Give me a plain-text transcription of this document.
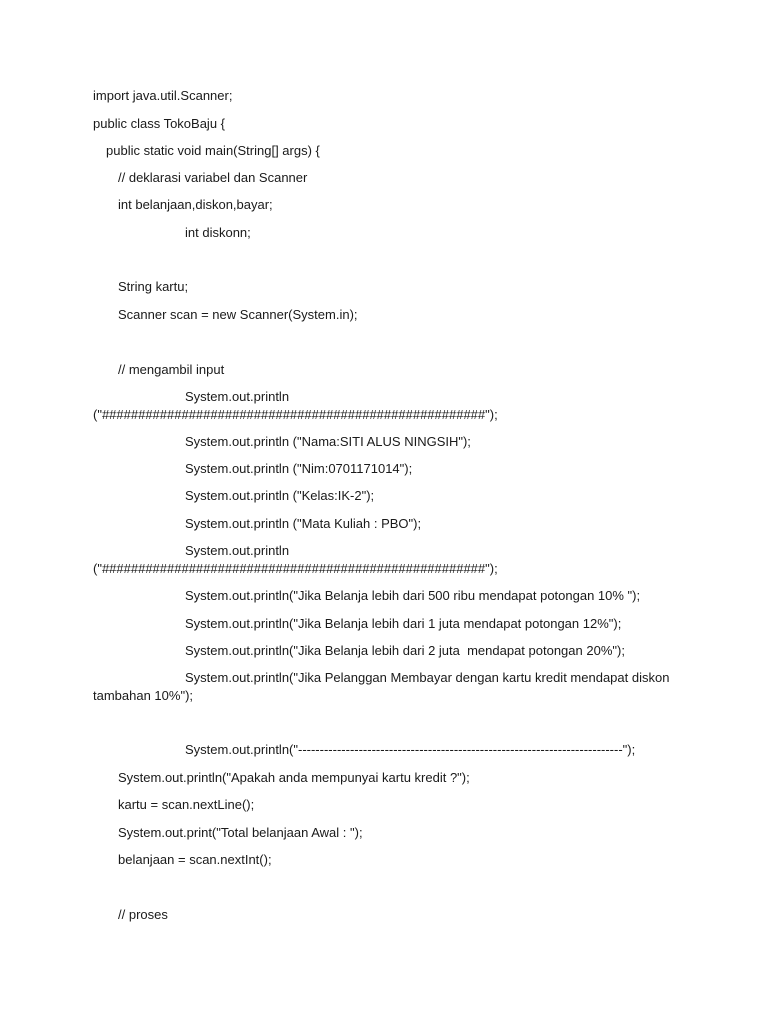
import java.util.Scanner;

public class TokoBaju {

public static void main(String[] args) {

// deklarasi variabel dan Scanner

int belanjaan,diskon,bayar;

int diskonn;

String kartu;

Scanner scan = new Scanner(System.in);

// mengambil input

System.out.println

("#####################################################");

System.out.println ("Nama:SITI ALUS NINGSIH");

System.out.println ("Nim:0701171014");

System.out.println ("Kelas:IK-2");

System.out.println ("Mata Kuliah : PBO");

System.out.println

("#####################################################");

System.out.println("Jika Belanja lebih dari 500 ribu mendapat potongan 10% ");

System.out.println("Jika Belanja lebih dari 1 juta mendapat potongan 12%");

System.out.println("Jika Belanja lebih dari 2 juta  mendapat potongan 20%");

System.out.println("Jika Pelanggan Membayar dengan kartu kredit mendapat diskon

tambahan 10%");

System.out.println("---------------------------------------------------------------------------");

System.out.println("Apakah anda mempunyai kartu kredit ?");

kartu = scan.nextLine();

System.out.print("Total belanjaan Awal : ");

belanjaan = scan.nextInt();

// proses
